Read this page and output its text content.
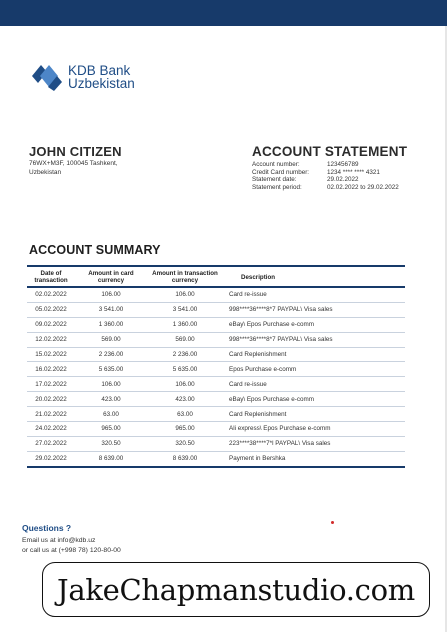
KDB Bank
Uzbekistan
JOHN CITIZEN
76WX+M3F, 100045 Tashkent, Uzbekistan
ACCOUNT STATEMENT
Account number:	123456789
Credit Card number:	1234 **** **** 4321
Statement date:	29.02.2022
Statement period:	02.02.2022 to 29.02.2022
ACCOUNT SUMMARY
Date of transaction	Amount in card currency	Amount in transaction currency	Description
02.02.2022	106.00	106.00	Card re-issue
05.02.2022	3 541.00	3 541.00	998****36****8*7 PAYPAL\ Visa sales
09.02.2022	1 360.00	1 360.00	eBay\ Epos Purchase e-comm
12.02.2022	569.00	569.00	998****36****8*7 PAYPAL\ Visa sales
15.02.2022	2 236.00	2 236.00	Card Replenishment
16.02.2022	5 635.00	5 635.00	Epos Purchase e-comm
17.02.2022	106.00	106.00	Card re-issue
20.02.2022	423.00	423.00	eBay\ Epos Purchase e-comm
21.02.2022	63.00	63.00	Card Replenishment
24.02.2022	965.00	965.00	Ali express\ Epos Purchase e-comm
27.02.2022	320.50	320.50	223****38****7*l PAYPAL\ Visa sales
29.02.2022	8 639.00	8 639.00	Payment in Bershka
Questions ?
Email us at info@kdb.uz
or call us at (+998 78) 120-80-00
JakeChapmanstudio.com
